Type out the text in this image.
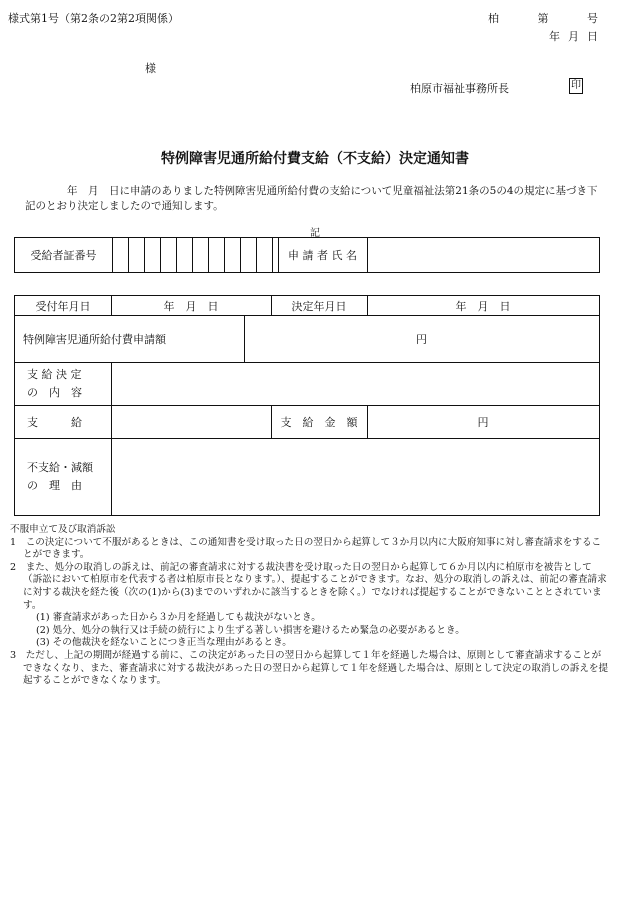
様式第1号（第2条の2第2項関係）	柏	第	号
年 月 日
様
柏原市福祉事務所長	印
特例障害児通所給付費支給（不支給）決定通知書
年　月　日に申請のありました特例障害児通所給付費の支給について児童福祉法第21条の5の4の規定に基づき下記のとおり決定しましたので通知します。
記
受給者証番号	申 請 者 氏 名
受付年月日	年　月　日	決定年月日	年　月　日
特例障害児通所給付費申請額	円
支 給 決 定
の　内　容
支　　　給	支　給　金　額	円
不支給・減額
の　理　由

不服申立て及び取消訴訟

1　この決定について不服があるときは、この通知書を受け取った日の翌日から起算して３か月以内に大阪府知事に対し審査請求をすることができます。

2　また、処分の取消しの訴えは、前記の審査請求に対する裁決書を受け取った日の翌日から起算して６か月以内に柏原市を被告として（訴訟において柏原市を代表する者は柏原市長となります。）、提起することができます。なお、処分の取消しの訴えは、前記の審査請求に対する裁決を経た後（次の(1)から(3)までのいずれかに該当するときを除く。）でなければ提起することができないこととされています。

(1) 審査請求があった日から３か月を経過しても裁決がないとき。
(2) 処分、処分の執行又は手続の続行により生ずる著しい損害を避けるため緊急の必要があるとき。
(3) その他裁決を経ないことにつき正当な理由があるとき。

3　ただし、上記の期間が経過する前に、この決定があった日の翌日から起算して１年を経過した場合は、原則として審査請求することができなくなり、また、審査請求に対する裁決があった日の翌日から起算して１年を経過した場合は、原則として決定の取消しの訴えを提起することができなくなります。
